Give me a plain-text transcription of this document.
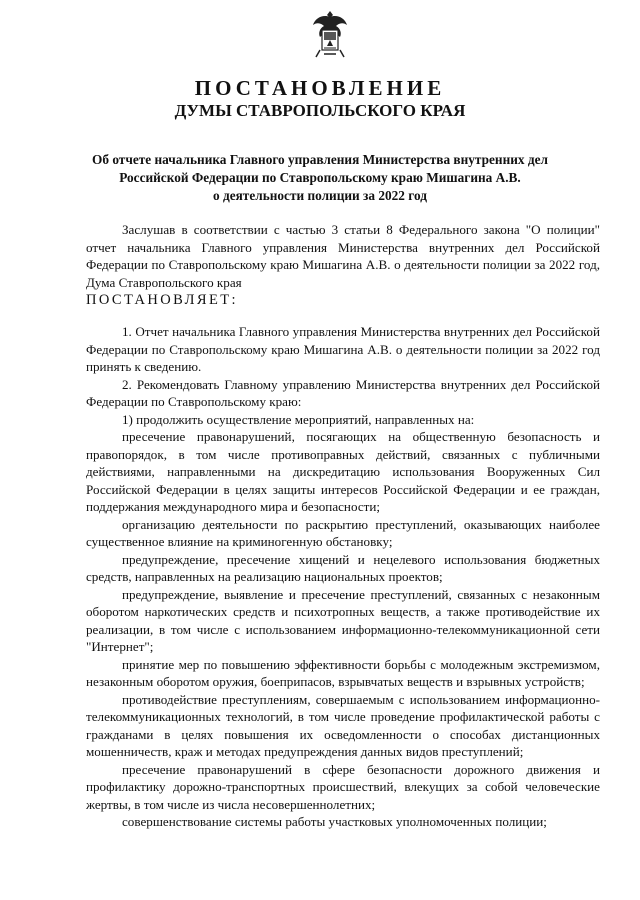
ПОСТАНОВЛЕНИЕ
ДУМЫ СТАВРОПОЛЬСКОГО КРАЯ
Об отчете начальника Главного управления Министерства внутренних дел
Российской Федерации по Ставропольскому краю Мишагина А.В.
о деятельности полиции за 2022 год

Заслушав в соответствии с частью 3 статьи 8 Федерального закона "О полиции" отчет начальника Главного управления Министерства внутренних дел Российской Федерации по Ставропольскому краю Мишагина А.В. о деятельности полиции за 2022 год, Дума Ставропольского края

ПОСТАНОВЛЯЕТ:

1. Отчет начальника Главного управления Министерства внутренних дел Российской Федерации по Ставропольскому краю Мишагина А.В. о деятельности полиции за 2022 год принять к сведению.

2. Рекомендовать Главному управлению Министерства внутренних дел Российской Федерации по Ставропольскому краю:

1) продолжить осуществление мероприятий, направленных на:

пресечение правонарушений, посягающих на общественную безопасность и правопорядок, в том числе противоправных действий, связанных с публичными действиями, направленными на дискредитацию использования Вооруженных Сил Российской Федерации в целях защиты интересов Российской Федерации и ее граждан, поддержания международного мира и безопасности;

организацию деятельности по раскрытию преступлений, оказывающих наиболее существенное влияние на криминогенную обстановку;

предупреждение, пресечение хищений и нецелевого использования бюджетных средств, направленных на реализацию национальных проектов;

предупреждение, выявление и пресечение преступлений, связанных с незаконным оборотом наркотических средств и психотропных веществ, а также противодействие их реализации, в том числе с использованием информационно-телекоммуникационной сети "Интернет";

принятие мер по повышению эффективности борьбы с молодежным экстремизмом, незаконным оборотом оружия, боеприпасов, взрывчатых веществ и взрывных устройств;

противодействие преступлениям, совершаемым с использованием информационно-телекоммуникационных технологий, в том числе проведение профилактической работы с гражданами в целях повышения их осведомленности о способах дистанционных мошенничеств, краж и методах предупреждения данных видов преступлений;

пресечение правонарушений в сфере безопасности дорожного движения и профилактику дорожно-транспортных происшествий, влекущих за собой человеческие жертвы, в том числе из числа несовершеннолетних;

совершенствование системы работы участковых уполномоченных полиции;
